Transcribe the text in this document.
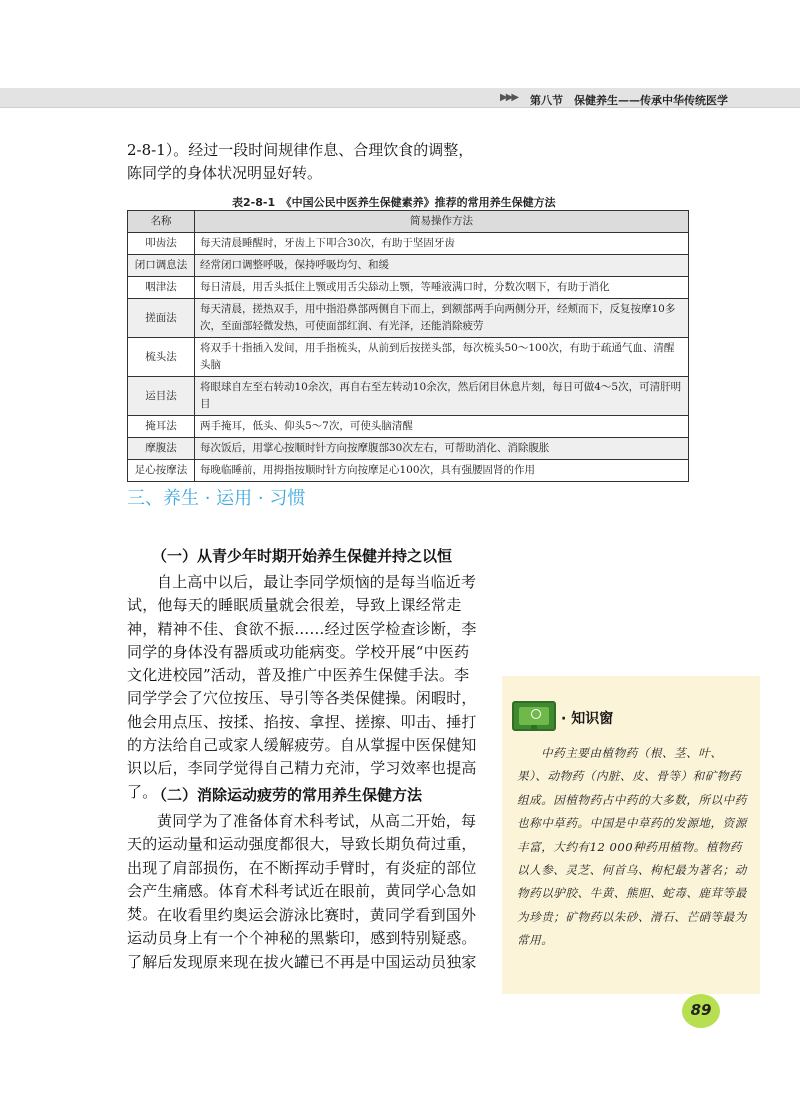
▶▶▶ 第八节　保健养生——传承中华传统医学
2-8-1）。经过一段时间规律作息、合理饮食的调整，
陈同学的身体状况明显好转。
表2-8-1　《中国公民中医养生保健素养》推荐的常用养生保健方法
名称	简易操作方法
叩齿法	每天清晨睡醒时，牙齿上下叩合30次，有助于坚固牙齿
闭口调息法	经常闭口调整呼吸，保持呼吸均匀、和缓
咽津法	每日清晨，用舌头抵住上颚或用舌尖舔动上颚，等唾液满口时，分数次咽下，有助于消化
搓面法	每天清晨，搓热双手，用中指沿鼻部两侧自下而上，到额部两手向两侧分开，经颊而下，反复按摩10多次，至面部轻微发热，可使面部红润、有光泽，还能消除疲劳
梳头法	将双手十指插入发间，用手指梳头，从前到后按搓头部，每次梳头50～100次，有助于疏通气血、清醒头脑
运目法	将眼球自左至右转动10余次，再自右至左转动10余次，然后闭目休息片刻，每日可做4～5次，可清肝明目
掩耳法	两手掩耳，低头、仰头5～7次，可使头脑清醒
摩腹法	每次饭后，用掌心按顺时针方向按摩腹部30次左右，可帮助消化、消除腹胀
足心按摩法	每晚临睡前，用拇指按顺时针方向按摩足心100次，具有强腰固肾的作用
三、养生 · 运用 · 习惯
（一）从青少年时期开始养生保健并持之以恒
自上高中以后，最让李同学烦恼的是每当临近考试，他每天的睡眠质量就会很差，导致上课经常走神，精神不佳、食欲不振……经过医学检查诊断，李同学的身体没有器质或功能病变。学校开展“中医药文化进校园”活动，普及推广中医养生保健手法。李同学学会了穴位按压、导引等各类保健操。闲暇时，他会用点压、按揉、掐按、拿捏、搓擦、叩击、捶打的方法给自己或家人缓解疲劳。自从掌握中医保健知识以后，李同学觉得自己精力充沛，学习效率也提高了。
（二）消除运动疲劳的常用养生保健方法
黄同学为了准备体育术科考试，从高二开始，每天的运动量和运动强度都很大，导致长期负荷过重，出现了肩部损伤，在不断挥动手臂时，有炎症的部位会产生痛感。体育术科考试近在眼前，黄同学心急如焚。 在收看里约奥运会游泳比赛时，黄同学看到国外运动员身上有一个个神秘的黑紫印，感到特别疑惑。了解后发现原来现在拔火罐已不再是中国运动员独家
· 知识窗
中药主要由植物药（根、茎、叶、果）、动物药（内脏、皮、骨等）和矿物药组成。因植物药占中药的大多数，所以中药也称中草药。中国是中草药的发源地，资源丰富，大约有12 000种药用植物。植物药以人参、灵芝、何首乌、枸杞最为著名；动物药以驴胶、牛黄、熊胆、蛇毒、鹿茸等最为珍贵；矿物药以朱砂、滑石、芒硝等最为常用。
89
